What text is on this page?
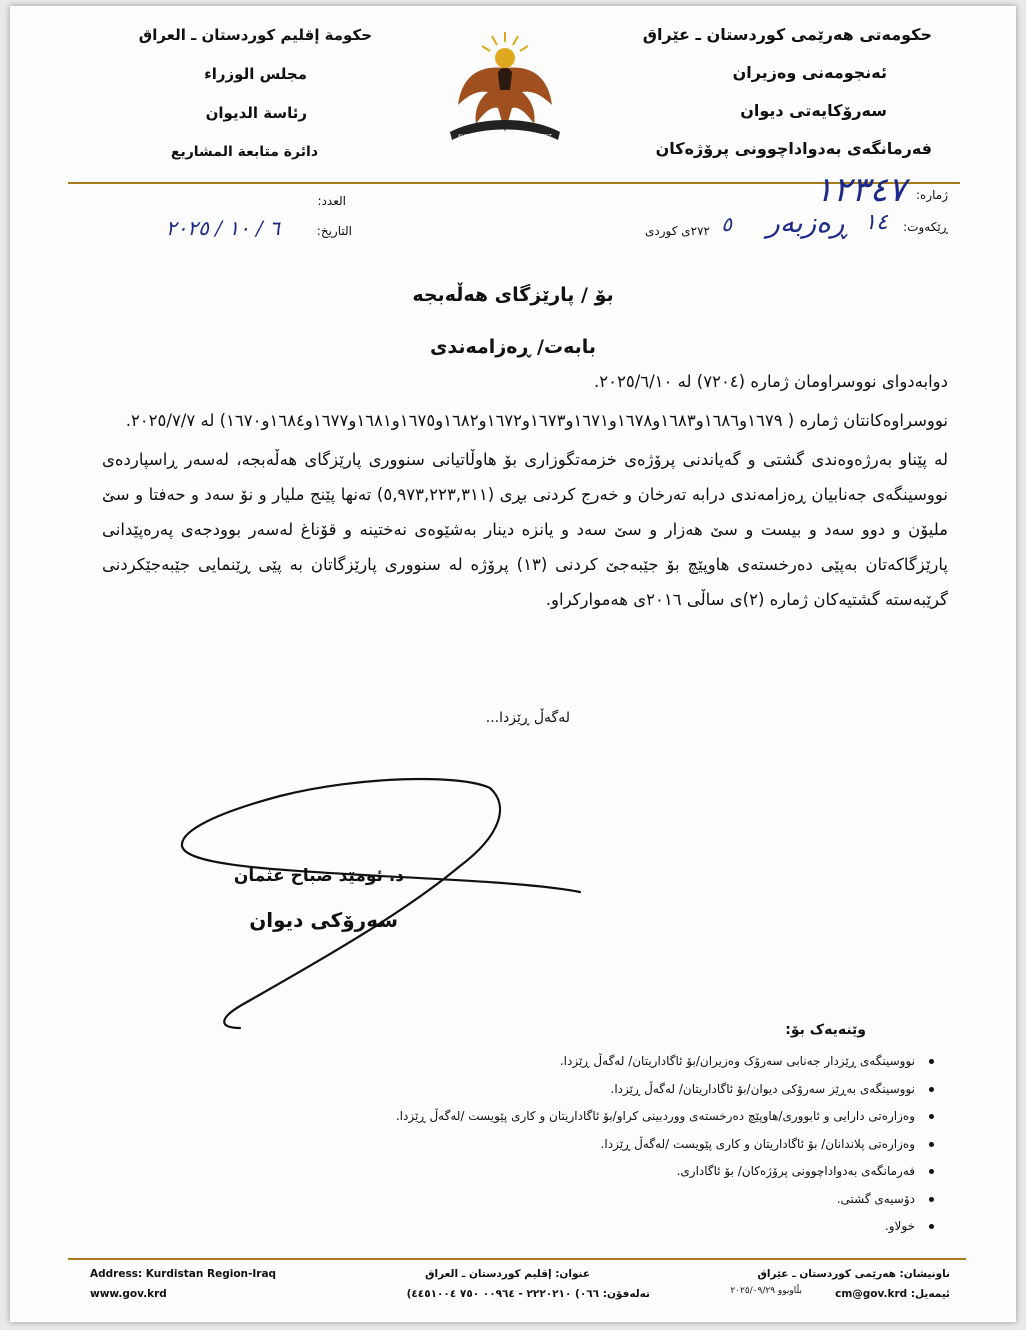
حکومەتی هەرێمی کوردستان ـ عێراق
ئەنجومەنی وەزیران
سەرۆکایەتی دیوان
فەرمانگەی بەدواداچوونی پرۆژەکان
KURDISTAN REGIONAL GOVERNMENT
حكومة إقليم كوردستان ـ العراق
مجلس الوزراء
رئاسة الديوان
دائرة متابعة المشاريع
ژمارە:
١٢٣٤٧
ڕێکەوت:
١٤
ڕەزبەر
٥
٢٧٢ی کوردی
العدد:
التاريخ:
٦ / ١٠ / ٢٠٢٥
بۆ / پارێزگای هەڵەبجە
بابەت/ ڕەزامەندی

دوابەدوای نووسراومان ژمارە (٧٢٠٤) لە ٢٠٢٥/٦/١٠.

نووسراوەکانتان ژمارە ( ١٦٧٩و١٦٨٦و١٦٨٣و١٦٧٨و١٦٧١و١٦٧٣و١٦٧٢و١٦٨٢و١٦٧٥و١٦٨١و١٦٧٧و١٦٨٤و١٦٧٠) لە ٢٠٢٥/٧/٧.

لە پێناو بەرژەوەندی گشتی و گەیاندنی پرۆژەی خزمەتگوزاری بۆ هاوڵاتیانی سنووری پارێزگای هەڵەبجە، لەسەر ڕاسپاردەی نووسینگەی جەنابیان ڕەزامەندی درابە تەرخان و خەرج کردنی بڕی (٥,٩٧٣,٢٢٣,٣١١) تەنها پێنج ملیار و نۆ سەد و حەفتا و سێ ملیۆن و دوو سەد و بیست و سێ هەزار و سێ سەد و یانزە دینار بەشێوەی نەختینە و قۆناغ لەسەر بوودجەی پەرەپێدانی پارێزگاکەتان بەپێی دەرخستەی هاوپێچ بۆ جێبەجێ کردنی (١٣) پرۆژە لە سنووری پارێزگاتان بە پێی ڕێنمایی جێبەجێکردنی گرێبەستە گشتیەکان ژمارە (٢)ی ساڵی ٢٠١٦ی هەموارکراو.

لەگەڵ ڕێزدا...
د. ئومێد صباح عثمان
سەرۆکی دیوان
وێنەیەک بۆ:
نووسینگەی ڕێزدار جەنابی سەرۆک وەزیران/بۆ ئاگاداریتان/ لەگەڵ ڕێزدا.
نووسینگەی بەڕێز سەرۆکی دیوان/بۆ ئاگاداریتان/ لەگەڵ ڕێزدا.
وەزارەتی دارایی و ئابووری/هاوپێچ دەرخستەی ووردبینی کراو/بۆ ئاگاداریتان و کاری پێویست /لەگەڵ ڕێزدا.
وەزارەتی پلاندانان/ بۆ ئاگاداریتان و کاری پێویست /لەگەڵ ڕێزدا.
فەرمانگەی بەدواداچوونی پرۆژەکان/ بۆ ئاگاداری.
دۆسیەی گشتی.
خولاو.
Address: Kurdistan Region-Iraq
www.gov.krd
عنوان: إقليم كوردستان ـ العراق
تەلەفۆن: ٠٦٦) ٢٢٢٠٢١٠ - ٠٠٩٦٤ ٧٥٠ ٤٤٥١٠٠٤)	بڵاوبوو ٢٠٢٥/٠٩/٢٩
ناونیشان: هەرێمی کوردستان ـ عێراق
ئیمەیل: cm@gov.krd
